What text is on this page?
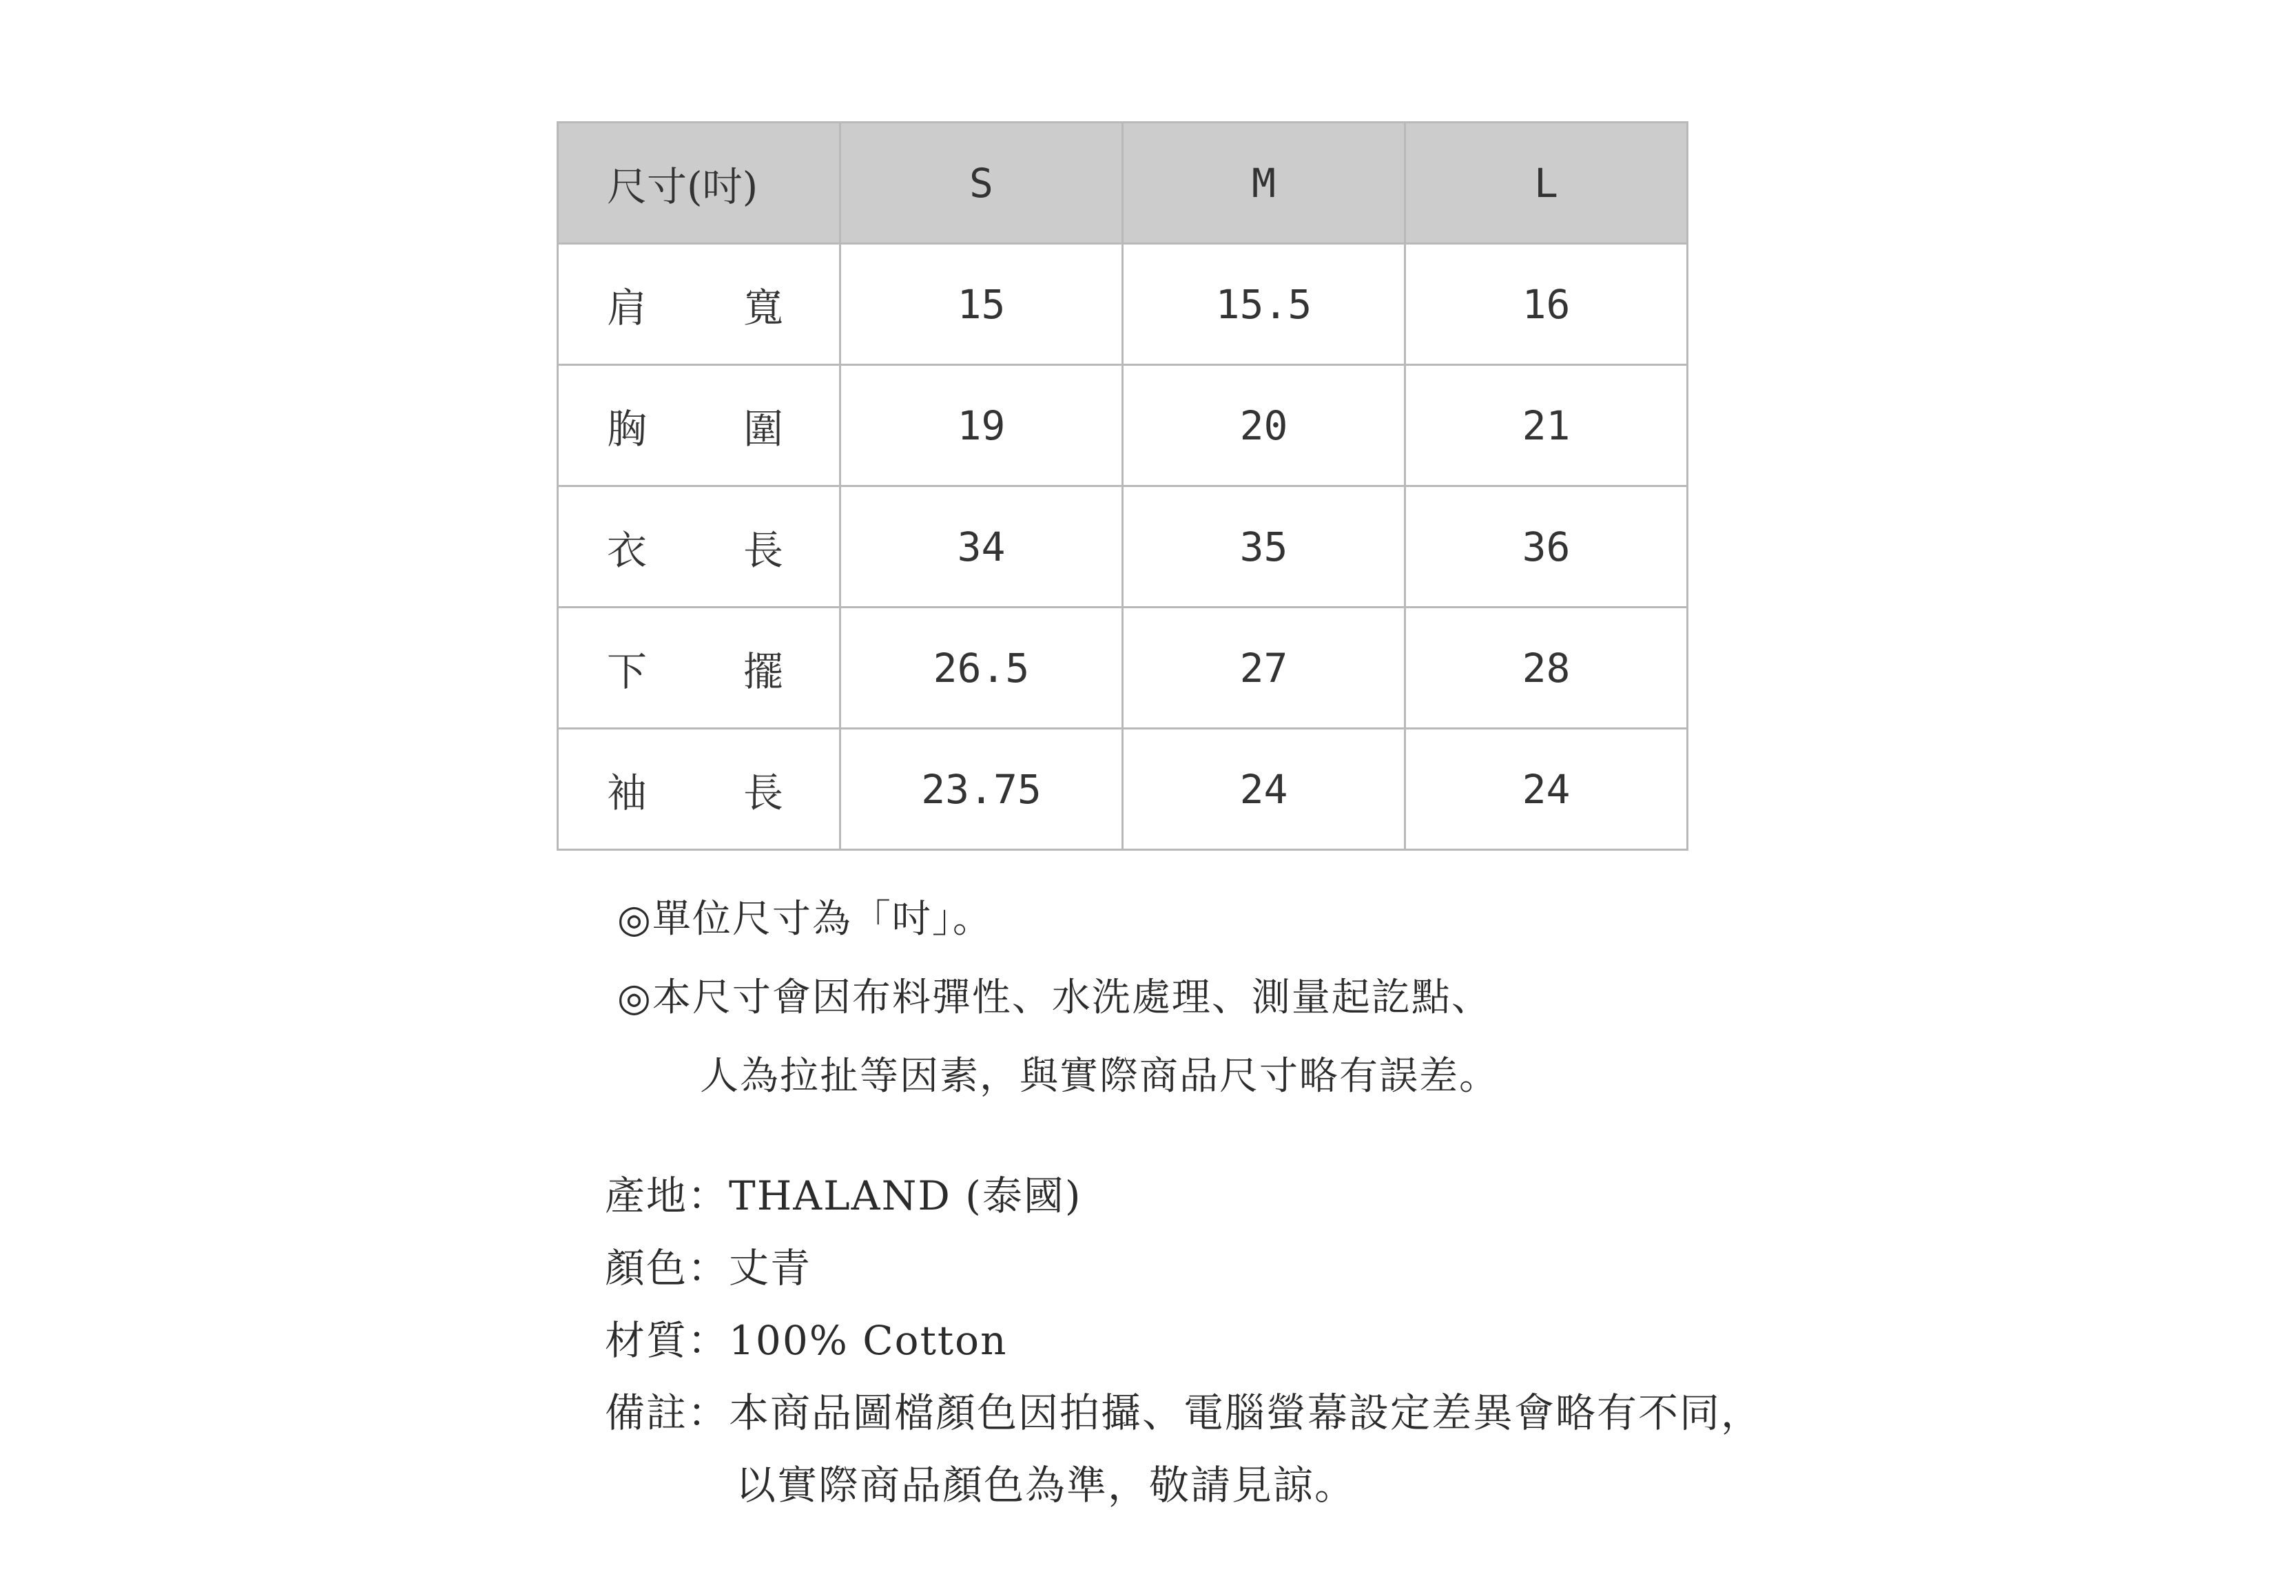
尺寸(吋)	S	M	L

肩 寬	15	15.5	16

胸 圍	19	20	21

衣 長	34	35	36

下 擺	26.5	27	28

袖 長	23.75	24	24
◎單位尺寸為「吋」。
◎本尺寸會因布料彈性、水洗處理、測量起訖點、
人為拉扯等因素，與實際商品尺寸略有誤差。
產地：THALAND (泰國)
顏色：丈青
材質：100% Cotton
備註：本商品圖檔顏色因拍攝、電腦螢幕設定差異會略有不同，
以實際商品顏色為準，敬請見諒。
